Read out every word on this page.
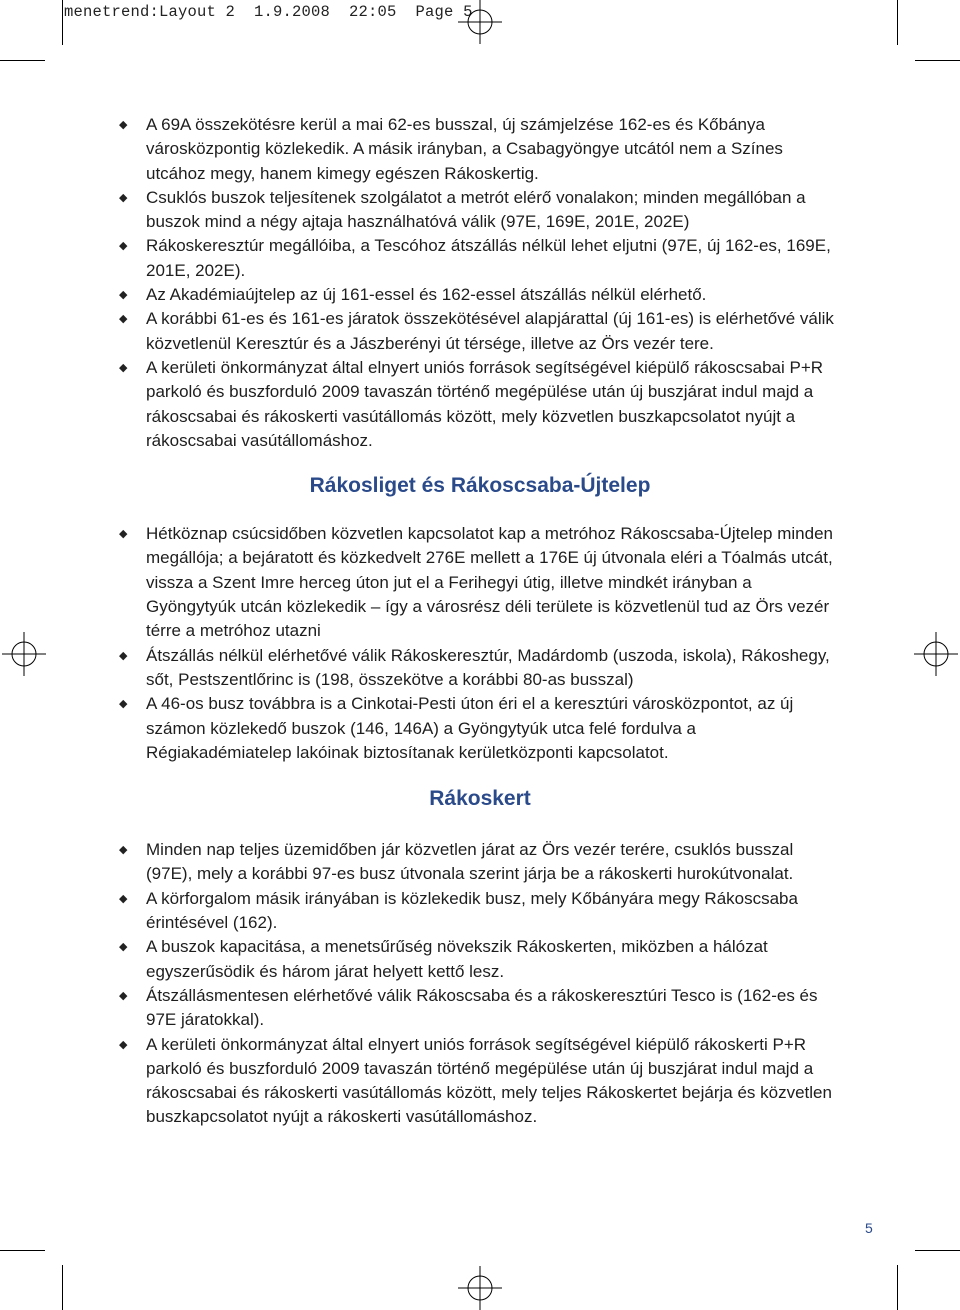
menetrend:Layout 2  1.9.2008  22:05  Page 5
◆ A 69A összekötésre kerül a mai 62-es busszal, új számjelzése 162-es és Kőbánya városközpontig közlekedik. A másik irányban, a Csabagyöngye utcától nem a Színes utcához megy, hanem kimegy egészen Rákoskertig.
◆ Csuklós buszok teljesítenek szolgálatot a metrót elérő vonalakon; minden megállóban a buszok mind a négy ajtaja használhatóvá válik (97E, 169E, 201E, 202E)
◆ Rákoskeresztúr megállóiba, a Tescóhoz átszállás nélkül lehet eljutni (97E, új 162-es, 169E, 201E, 202E).
◆ Az Akadémiaújtelep az új 161-essel és 162-essel átszállás nélkül elérhető.
◆ A korábbi 61-es és 161-es járatok összekötésével alapjárattal (új 161-es) is elérhetővé válik közvetlenül Keresztúr és a Jászberényi út térsége, illetve az Örs vezér tere.
◆ A kerületi önkormányzat által elnyert uniós források segítségével kiépülő rákoscsabai P+R parkoló és buszforduló 2009 tavaszán történő megépülése után új buszjárat indul majd a rákoscsabai és rákoskerti vasútállomás között, mely közvetlen buszkapcsolatot nyújt a rákoscsabai vasútállomáshoz.
Rákosliget és Rákoscsaba-Újtelep
◆ Hétköznap csúcsidőben közvetlen kapcsolatot kap a metróhoz Rákoscsaba-Újtelep minden megállója; a bejáratott és közkedvelt 276E mellett a 176E új útvonala eléri a Tóalmás utcát, vissza a Szent Imre herceg úton jut el a Ferihegyi útig, illetve mindkét irányban a Gyöngytyúk utcán közlekedik – így a városrész déli területe is közvetlenül tud az Örs vezér térre a metróhoz utazni
◆ Átszállás nélkül elérhetővé válik Rákoskeresztúr, Madárdomb (uszoda, iskola), Rákoshegy, sőt, Pestszentlőrinc is (198, összekötve a korábbi 80-as busszal)
◆ A 46-os busz továbbra is a Cinkotai-Pesti úton éri el a keresztúri városközpontot, az új számon közlekedő buszok (146, 146A) a Gyöngytyúk utca felé fordulva a Régiakadémiatelep lakóinak biztosítanak kerületközponti kapcsolatot.
Rákoskert
◆ Minden nap teljes üzemidőben jár közvetlen járat az Örs vezér terére, csuklós busszal (97E), mely a korábbi 97-es busz útvonala szerint járja be a rákoskerti hurokútvonalat.
◆ A körforgalom másik irányában is közlekedik busz, mely Kőbányára megy Rákoscsaba érintésével (162).
◆ A buszok kapacitása, a menetsűrűség növekszik Rákoskerten, miközben a hálózat egyszerűsödik és három járat helyett kettő lesz.
◆ Átszállásmentesen elérhetővé válik Rákoscsaba és a rákoskeresztúri Tesco is (162-es és 97E járatokkal).
◆ A kerületi önkormányzat által elnyert uniós források segítségével kiépülő rákoskerti P+R parkoló és buszforduló 2009 tavaszán történő megépülése után új buszjárat indul majd a rákoscsabai és rákoskerti vasútállomás között, mely teljes Rákoskertet bejárja és közvetlen buszkapcsolatot nyújt a rákoskerti vasútállomáshoz.
5
